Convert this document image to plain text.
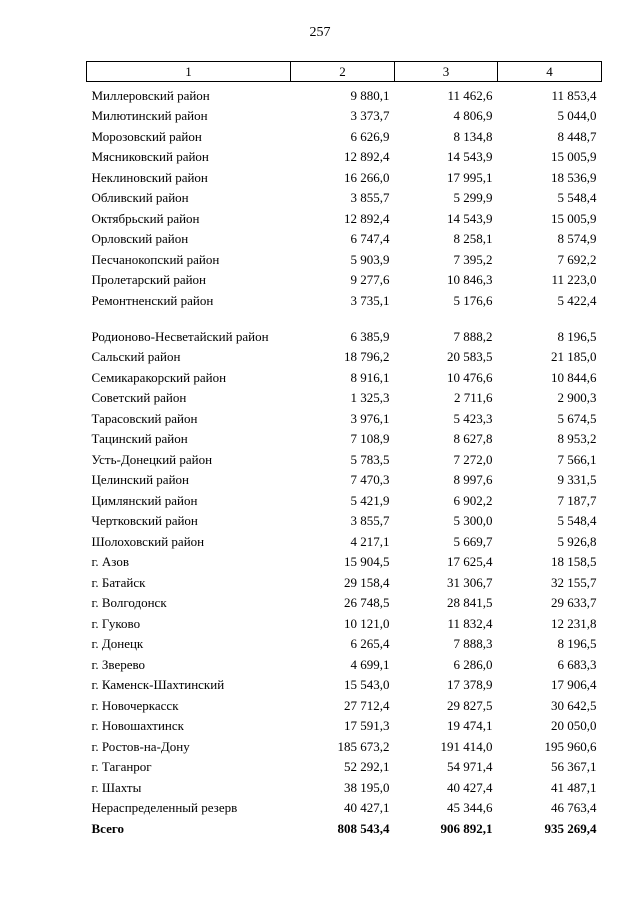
257
1	2	3	4
Миллеровский район	9 880,1	11 462,6	11 853,4
Милютинский район	3 373,7	4 806,9	5 044,0
Морозовский район	6 626,9	8 134,8	8 448,7
Мясниковский район	12 892,4	14 543,9	15 005,9
Неклиновский район	16 266,0	17 995,1	18 536,9
Обливский район	3 855,7	5 299,9	5 548,4
Октябрьский район	12 892,4	14 543,9	15 005,9
Орловский район	6 747,4	8 258,1	8 574,9
Песчанокопский район	5 903,9	7 395,2	7 692,2
Пролетарский район	9 277,6	10 846,3	11 223,0
Ремонтненский район	3 735,1	5 176,6	5 422,4
Родионово-Несветайский район	6 385,9	7 888,2	8 196,5
Сальский район	18 796,2	20 583,5	21 185,0
Семикаракорский район	8 916,1	10 476,6	10 844,6
Советский район	1 325,3	2 711,6	2 900,3
Тарасовский район	3 976,1	5 423,3	5 674,5
Тацинский район	7 108,9	8 627,8	8 953,2
Усть-Донецкий район	5 783,5	7 272,0	7 566,1
Целинский район	7 470,3	8 997,6	9 331,5
Цимлянский район	5 421,9	6 902,2	7 187,7
Чертковский район	3 855,7	5 300,0	5 548,4
Шолоховский район	4 217,1	5 669,7	5 926,8
г. Азов	15 904,5	17 625,4	18 158,5
г. Батайск	29 158,4	31 306,7	32 155,7
г. Волгодонск	26 748,5	28 841,5	29 633,7
г. Гуково	10 121,0	11 832,4	12 231,8
г. Донецк	6 265,4	7 888,3	8 196,5
г. Зверево	4 699,1	6 286,0	6 683,3
г. Каменск-Шахтинский	15 543,0	17 378,9	17 906,4
г. Новочеркасск	27 712,4	29 827,5	30 642,5
г. Новошахтинск	17 591,3	19 474,1	20 050,0
г. Ростов-на-Дону	185 673,2	191 414,0	195 960,6
г. Таганрог	52 292,1	54 971,4	56 367,1
г. Шахты	38 195,0	40 427,4	41 487,1
Нераспределенный резерв	40 427,1	45 344,6	46 763,4
Всего	808 543,4	906 892,1	935 269,4
